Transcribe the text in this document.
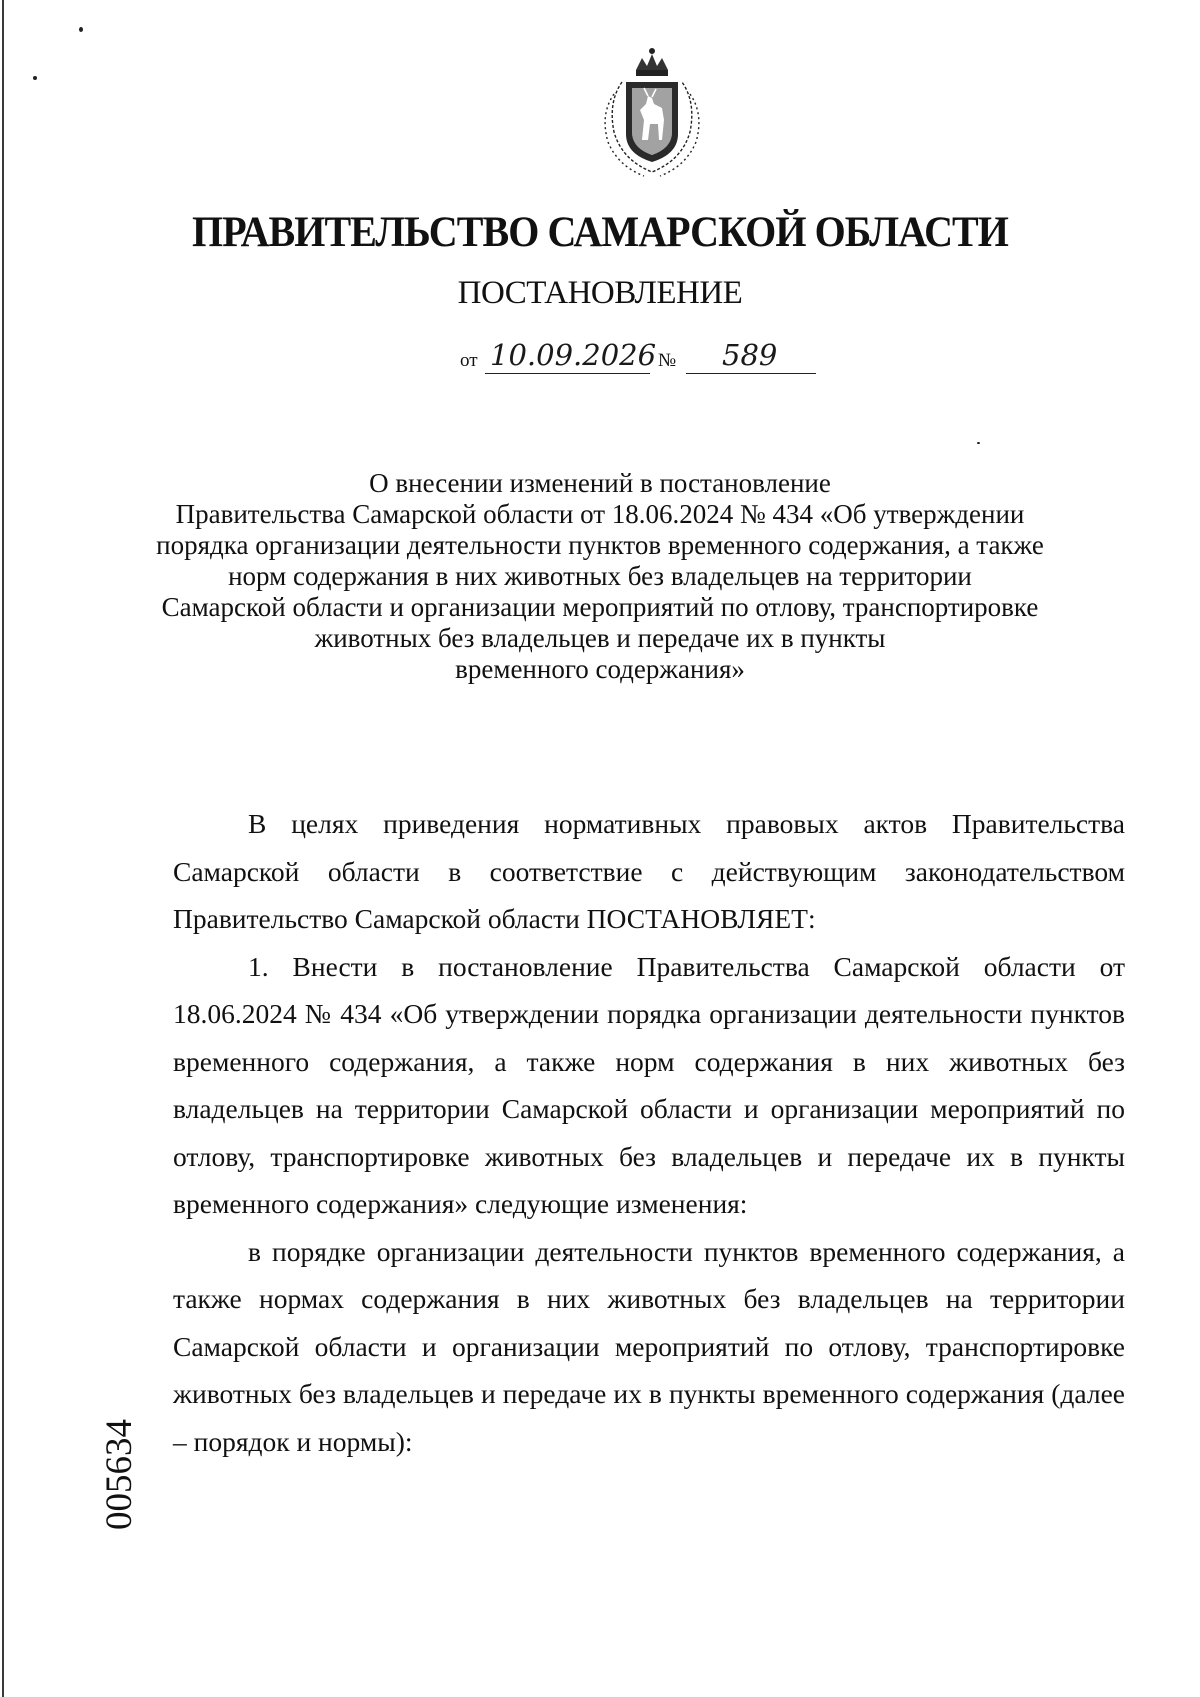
ПРАВИТЕЛЬСТВО САМАРСКОЙ ОБЛАСТИ
ПОСТАНОВЛЕНИЕ
от 10.09.2026 № 589
О внесении изменений в постановление
Правительства Самарской области от 18.06.2024 № 434 «Об утверждении
порядка организации деятельности пунктов временного содержания, а также
норм содержания в них животных без владельцев на территории
Самарской области и организации мероприятий по отлову, транспортировке
животных без владельцев и передаче их в пункты
временного содержания»

В целях приведения нормативных правовых актов Правительства Самарской области в соответствие с действующим законодательством Правительство Самарской области ПОСТАНОВЛЯЕТ:

1. Внести в постановление Правительства Самарской области от 18.06.2024 № 434 «Об утверждении порядка организации деятельности пунктов временного содержания, а также норм содержания в них животных без владельцев на территории Самарской области и организации мероприятий по отлову, транспортировке животных без владельцев и передаче их в пункты временного содержания» следующие изменения:

в порядке организации деятельности пунктов временного содержания, а также нормах содержания в них животных без владельцев на территории Самарской области и организации мероприятий по отлову, транспортировке животных без владельцев и передаче их в пункты временного содержания (далее – порядок и нормы):

005634
